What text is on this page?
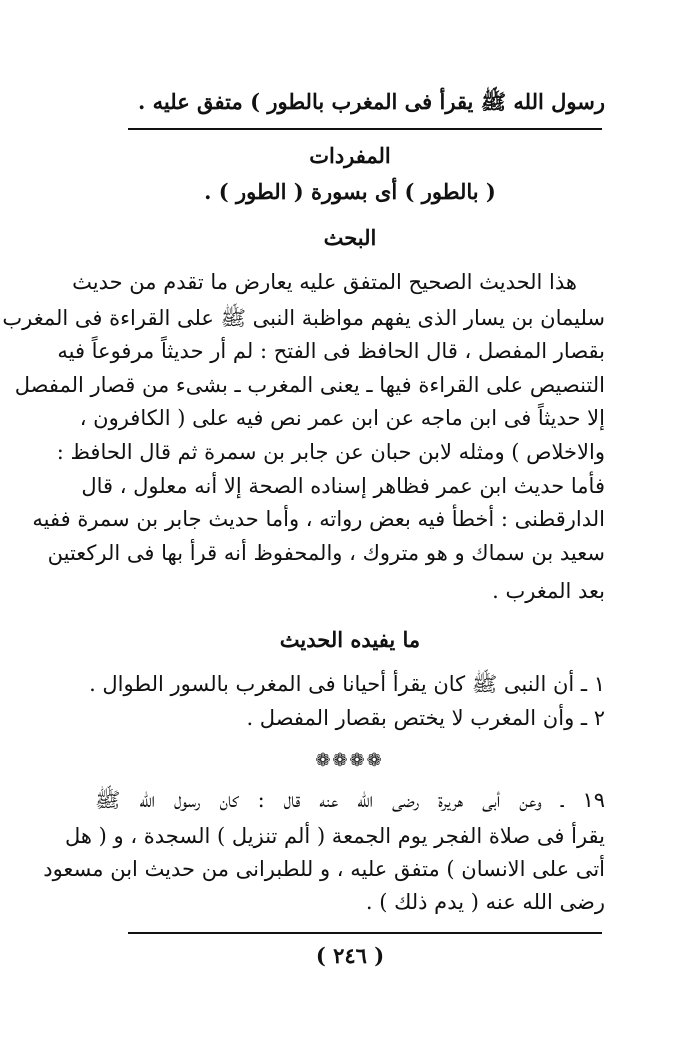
رسول الله ﷺ يقرأ فى المغرب بالطور ) متفق عليه .
المفردات
( بالطور ) أى بسورة ( الطور ) .
البحث
هذا الحديث الصحيح المتفق عليه يعارض ما تقدم من حديث
سليمان بن يسار الذى يفهم مواظبة النبى ﷺ على القراءة فى المغرب
بقصار المفصل ، قال الحافظ فى الفتح : لم أر حديثاً مرفوعاً فيه
التنصيص على القراءة فيها ـ يعنى المغرب ـ بشىء من قصار المفصل
إلا حديثاً فى ابن ماجه عن ابن عمر نص فيه على ( الكافرون ،
والاخلاص ) ومثله لابن حبان عن جابر بن سمرة ثم قال الحافظ :
فأما حديث ابن عمر فظاهر إسناده الصحة إلا أنه معلول ، قال
الدارقطنى : أخطأ فيه بعض رواته ، وأما حديث جابر بن سمرة ففيه
سعيد بن سماك و هو متروك ، والمحفوظ أنه قرأ بها فى الركعتين
بعد المغرب .
ما يفيده الحديث
١ ـ أن النبى ﷺ كان يقرأ أحيانا فى المغرب بالسور الطوال .
٢ ـ وأن المغرب لا يختص بقصار المفصل .
❁❁❁❁
١٩ ـ وعن أبى هريرة رضى الله عنه قال : كان رسول الله ﷺ
يقرأ فى صلاة الفجر يوم الجمعة ( ألم تنزيل ) السجدة ، و ( هل
أتى على الانسان ) متفق عليه ، و للطبرانى من حديث ابن مسعود
رضى الله عنه ( يدم ذلك ) .
( ٢٤٦ )
